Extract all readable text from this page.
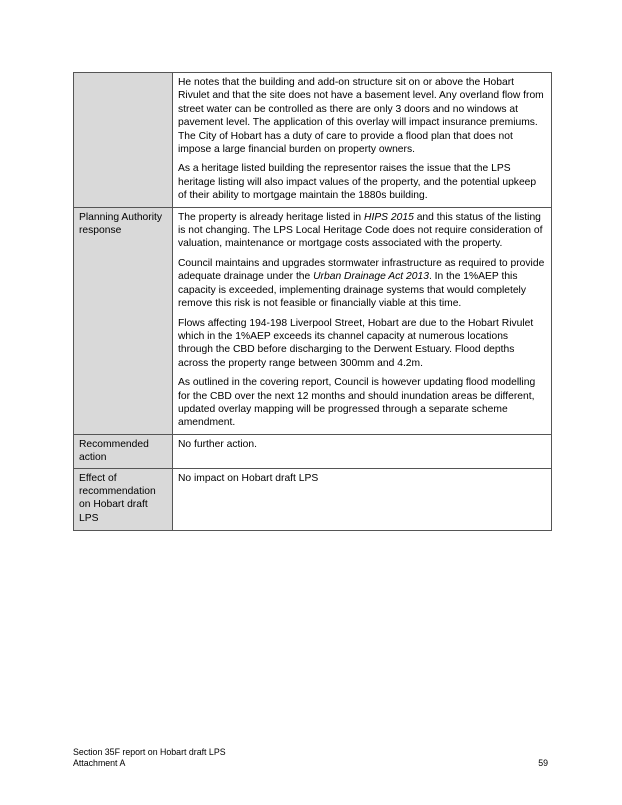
	He notes that the building and add-on structure sit on or above the Hobart Rivulet and that the site does not have a basement level. Any overland flow from street water can be controlled as there are only 3 doors and no windows at pavement level. The application of this overlay will impact insurance premiums. The City of Hobart has a duty of care to provide a flood plan that does not impose a large financial burden on property owners.

As a heritage listed building the representor raises the issue that the LPS heritage listing will also impact values of the property, and the potential upkeep of their ability to mortgage maintain the 1880s building.

Planning Authority response	The property is already heritage listed in HIPS 2015 and this status of the listing is not changing. The LPS Local Heritage Code does not require consideration of valuation, maintenance or mortgage costs associated with the property.

Council maintains and upgrades stormwater infrastructure as required to provide adequate drainage under the Urban Drainage Act 2013. In the 1%AEP this capacity is exceeded, implementing drainage systems that would completely remove this risk is not feasible or financially viable at this time.

Flows affecting 194-198 Liverpool Street, Hobart are due to the Hobart Rivulet which in the 1%AEP exceeds its channel capacity at numerous locations through the CBD before discharging to the Derwent Estuary. Flood depths across the property range between 300mm and 4.2m.

As outlined in the covering report, Council is however updating flood modelling for the CBD over the next 12 months and should inundation areas be different, updated overlay mapping will be progressed through a separate scheme amendment.

Recommended action	No further action.

Effect of recommendation on Hobart draft LPS	No impact on Hobart draft LPS

Section 35F report on Hobart draft LPS
Attachment A	59
